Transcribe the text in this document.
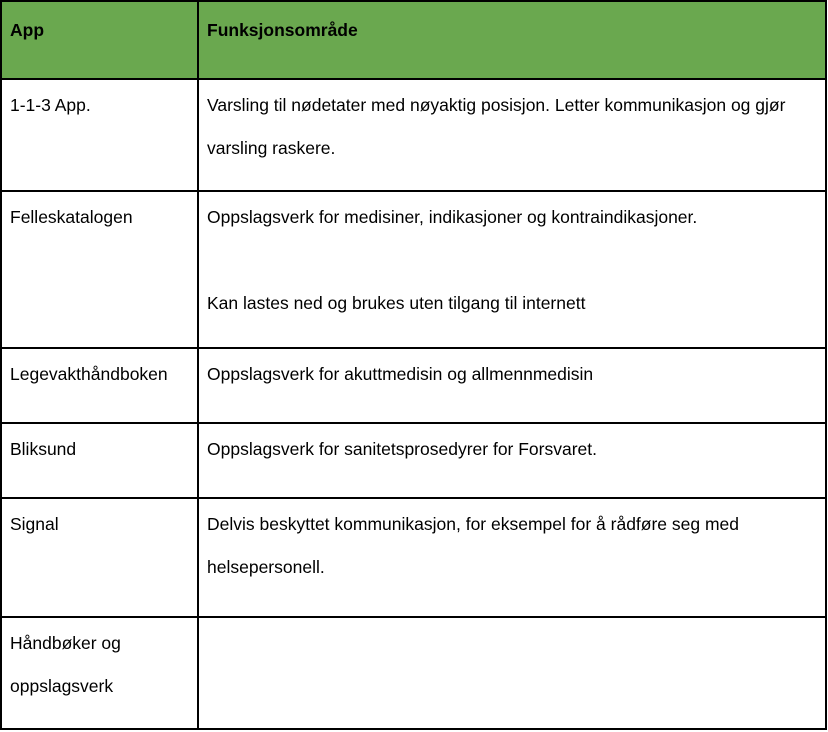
App	Funksjonsområde

1-1-3 App.	Varsling til nødetater med nøyaktig posisjon. Letter kommunikasjon og gjør varsling raskere.

Felleskatalogen	Oppslagsverk for medisiner, indikasjoner og kontraindikasjoner.
Kan lastes ned og brukes uten tilgang til internett

Legevakthåndboken	Oppslagsverk for akuttmedisin og allmennmedisin

Bliksund	Oppslagsverk for sanitetsprosedyrer for Forsvaret.

Signal	Delvis beskyttet kommunikasjon, for eksempel for å rådføre seg med helsepersonell.

Håndbøker og oppslagsverk	
